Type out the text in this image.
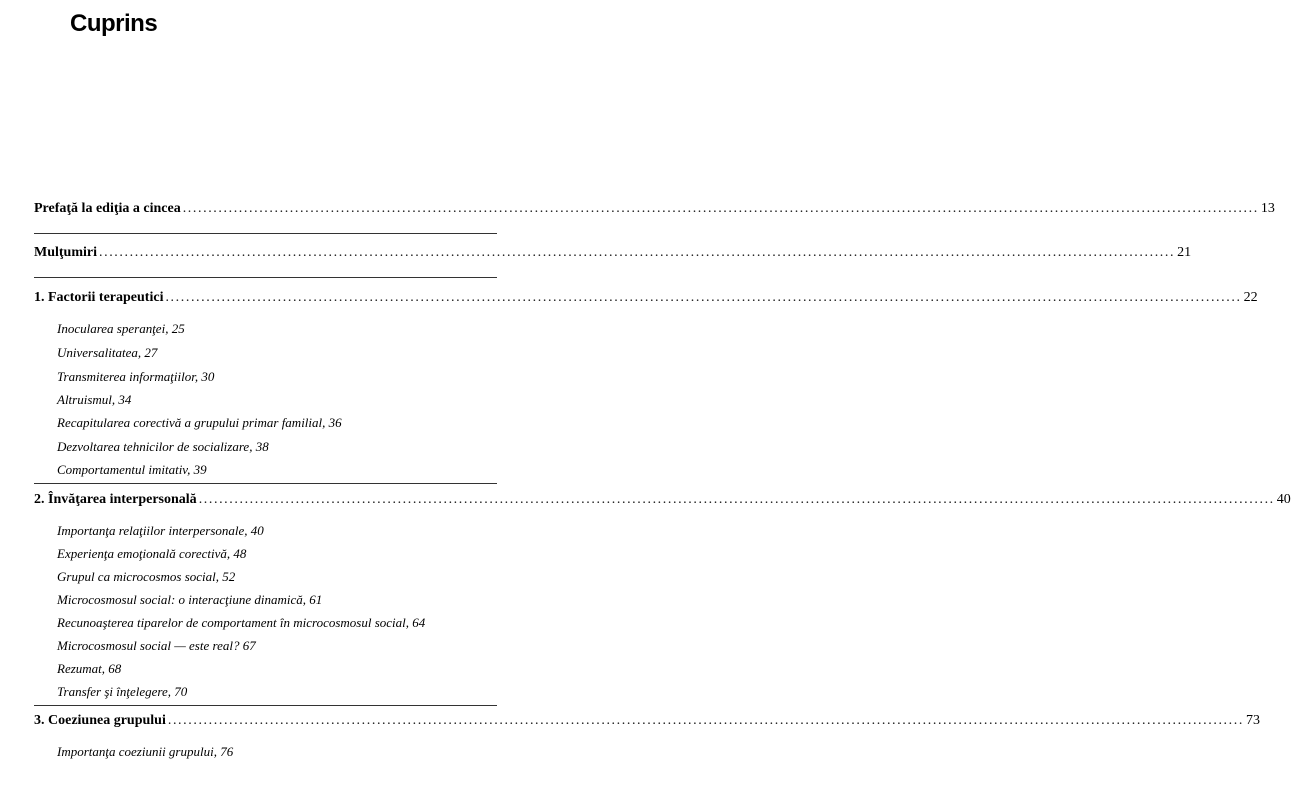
Cuprins
Prefaţă la ediţia a cincea ................................................................................................................................................................................................................... 13
Mulţumiri ................................................................................................................................................................................................................... 21
1. Factorii terapeutici ................................................................................................................................................................................................................... 22
Inocularea speranţei, 25
Universalitatea, 27
Transmiterea informaţiilor, 30
Altruismul, 34
Recapitularea corectivă a grupului primar familial, 36
Dezvoltarea tehnicilor de socializare, 38
Comportamentul imitativ, 39
2. Învăţarea interpersonală ................................................................................................................................................................................................................... 40
Importanţa relaţiilor interpersonale, 40
Experienţa emoţională corectivă, 48
Grupul ca microcosmos social, 52
Microcosmosul social: o interacţiune dinamică, 61
Recunoaşterea tiparelor de comportament în microcosmosul social, 64
Microcosmosul social — este real? 67
Rezumat, 68
Transfer şi înţelegere, 70
3. Coeziunea grupului ................................................................................................................................................................................................................... 73
Importanţa coeziunii grupului, 76
